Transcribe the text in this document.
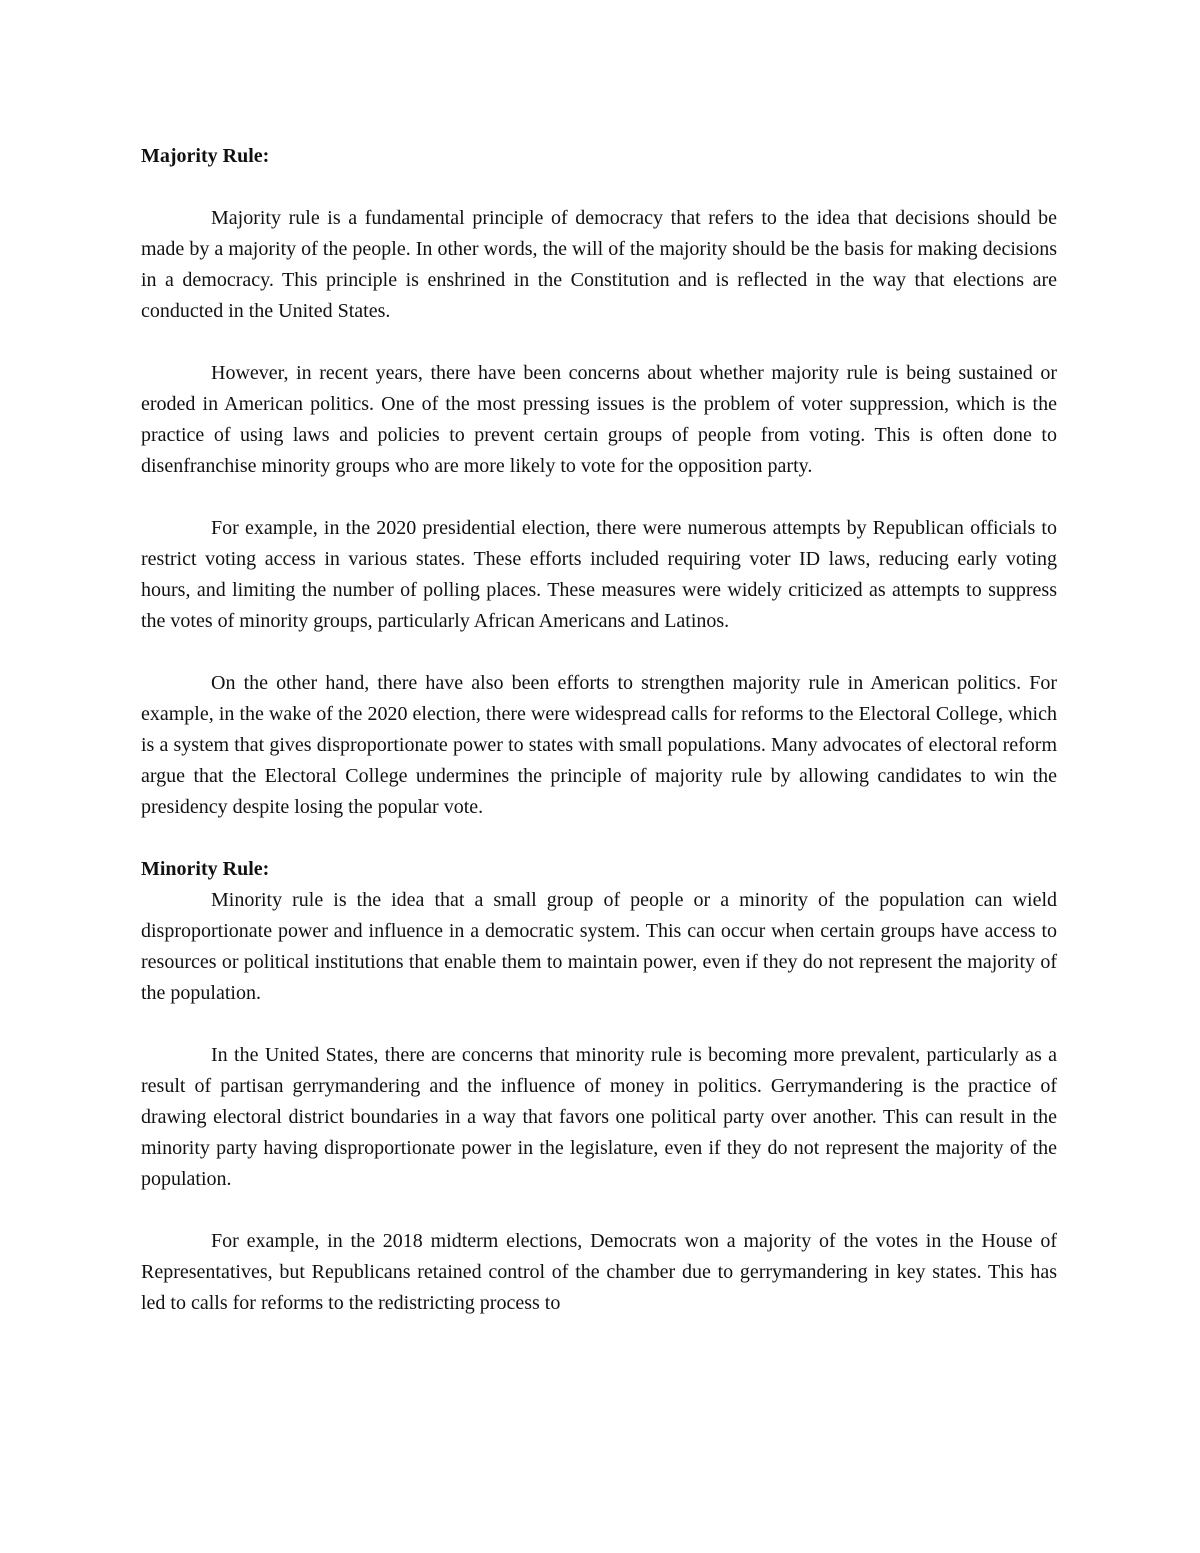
Majority Rule:

Majority rule is a fundamental principle of democracy that refers to the idea that decisions should be made by a majority of the people. In other words, the will of the majority should be the basis for making decisions in a democracy. This principle is enshrined in the Constitution and is reflected in the way that elections are conducted in the United States.

However, in recent years, there have been concerns about whether majority rule is being sustained or eroded in American politics. One of the most pressing issues is the problem of voter suppression, which is the practice of using laws and policies to prevent certain groups of people from voting. This is often done to disenfranchise minority groups who are more likely to vote for the opposition party.

For example, in the 2020 presidential election, there were numerous attempts by Republican officials to restrict voting access in various states. These efforts included requiring voter ID laws, reducing early voting hours, and limiting the number of polling places. These measures were widely criticized as attempts to suppress the votes of minority groups, particularly African Americans and Latinos.

On the other hand, there have also been efforts to strengthen majority rule in American politics. For example, in the wake of the 2020 election, there were widespread calls for reforms to the Electoral College, which is a system that gives disproportionate power to states with small populations. Many advocates of electoral reform argue that the Electoral College undermines the principle of majority rule by allowing candidates to win the presidency despite losing the popular vote.

Minority Rule:

Minority rule is the idea that a small group of people or a minority of the population can wield disproportionate power and influence in a democratic system. This can occur when certain groups have access to resources or political institutions that enable them to maintain power, even if they do not represent the majority of the population.

In the United States, there are concerns that minority rule is becoming more prevalent, particularly as a result of partisan gerrymandering and the influence of money in politics. Gerrymandering is the practice of drawing electoral district boundaries in a way that favors one political party over another. This can result in the minority party having disproportionate power in the legislature, even if they do not represent the majority of the population.

For example, in the 2018 midterm elections, Democrats won a majority of the votes in the House of Representatives, but Republicans retained control of the chamber due to gerrymandering in key states. This has led to calls for reforms to the redistricting process to
